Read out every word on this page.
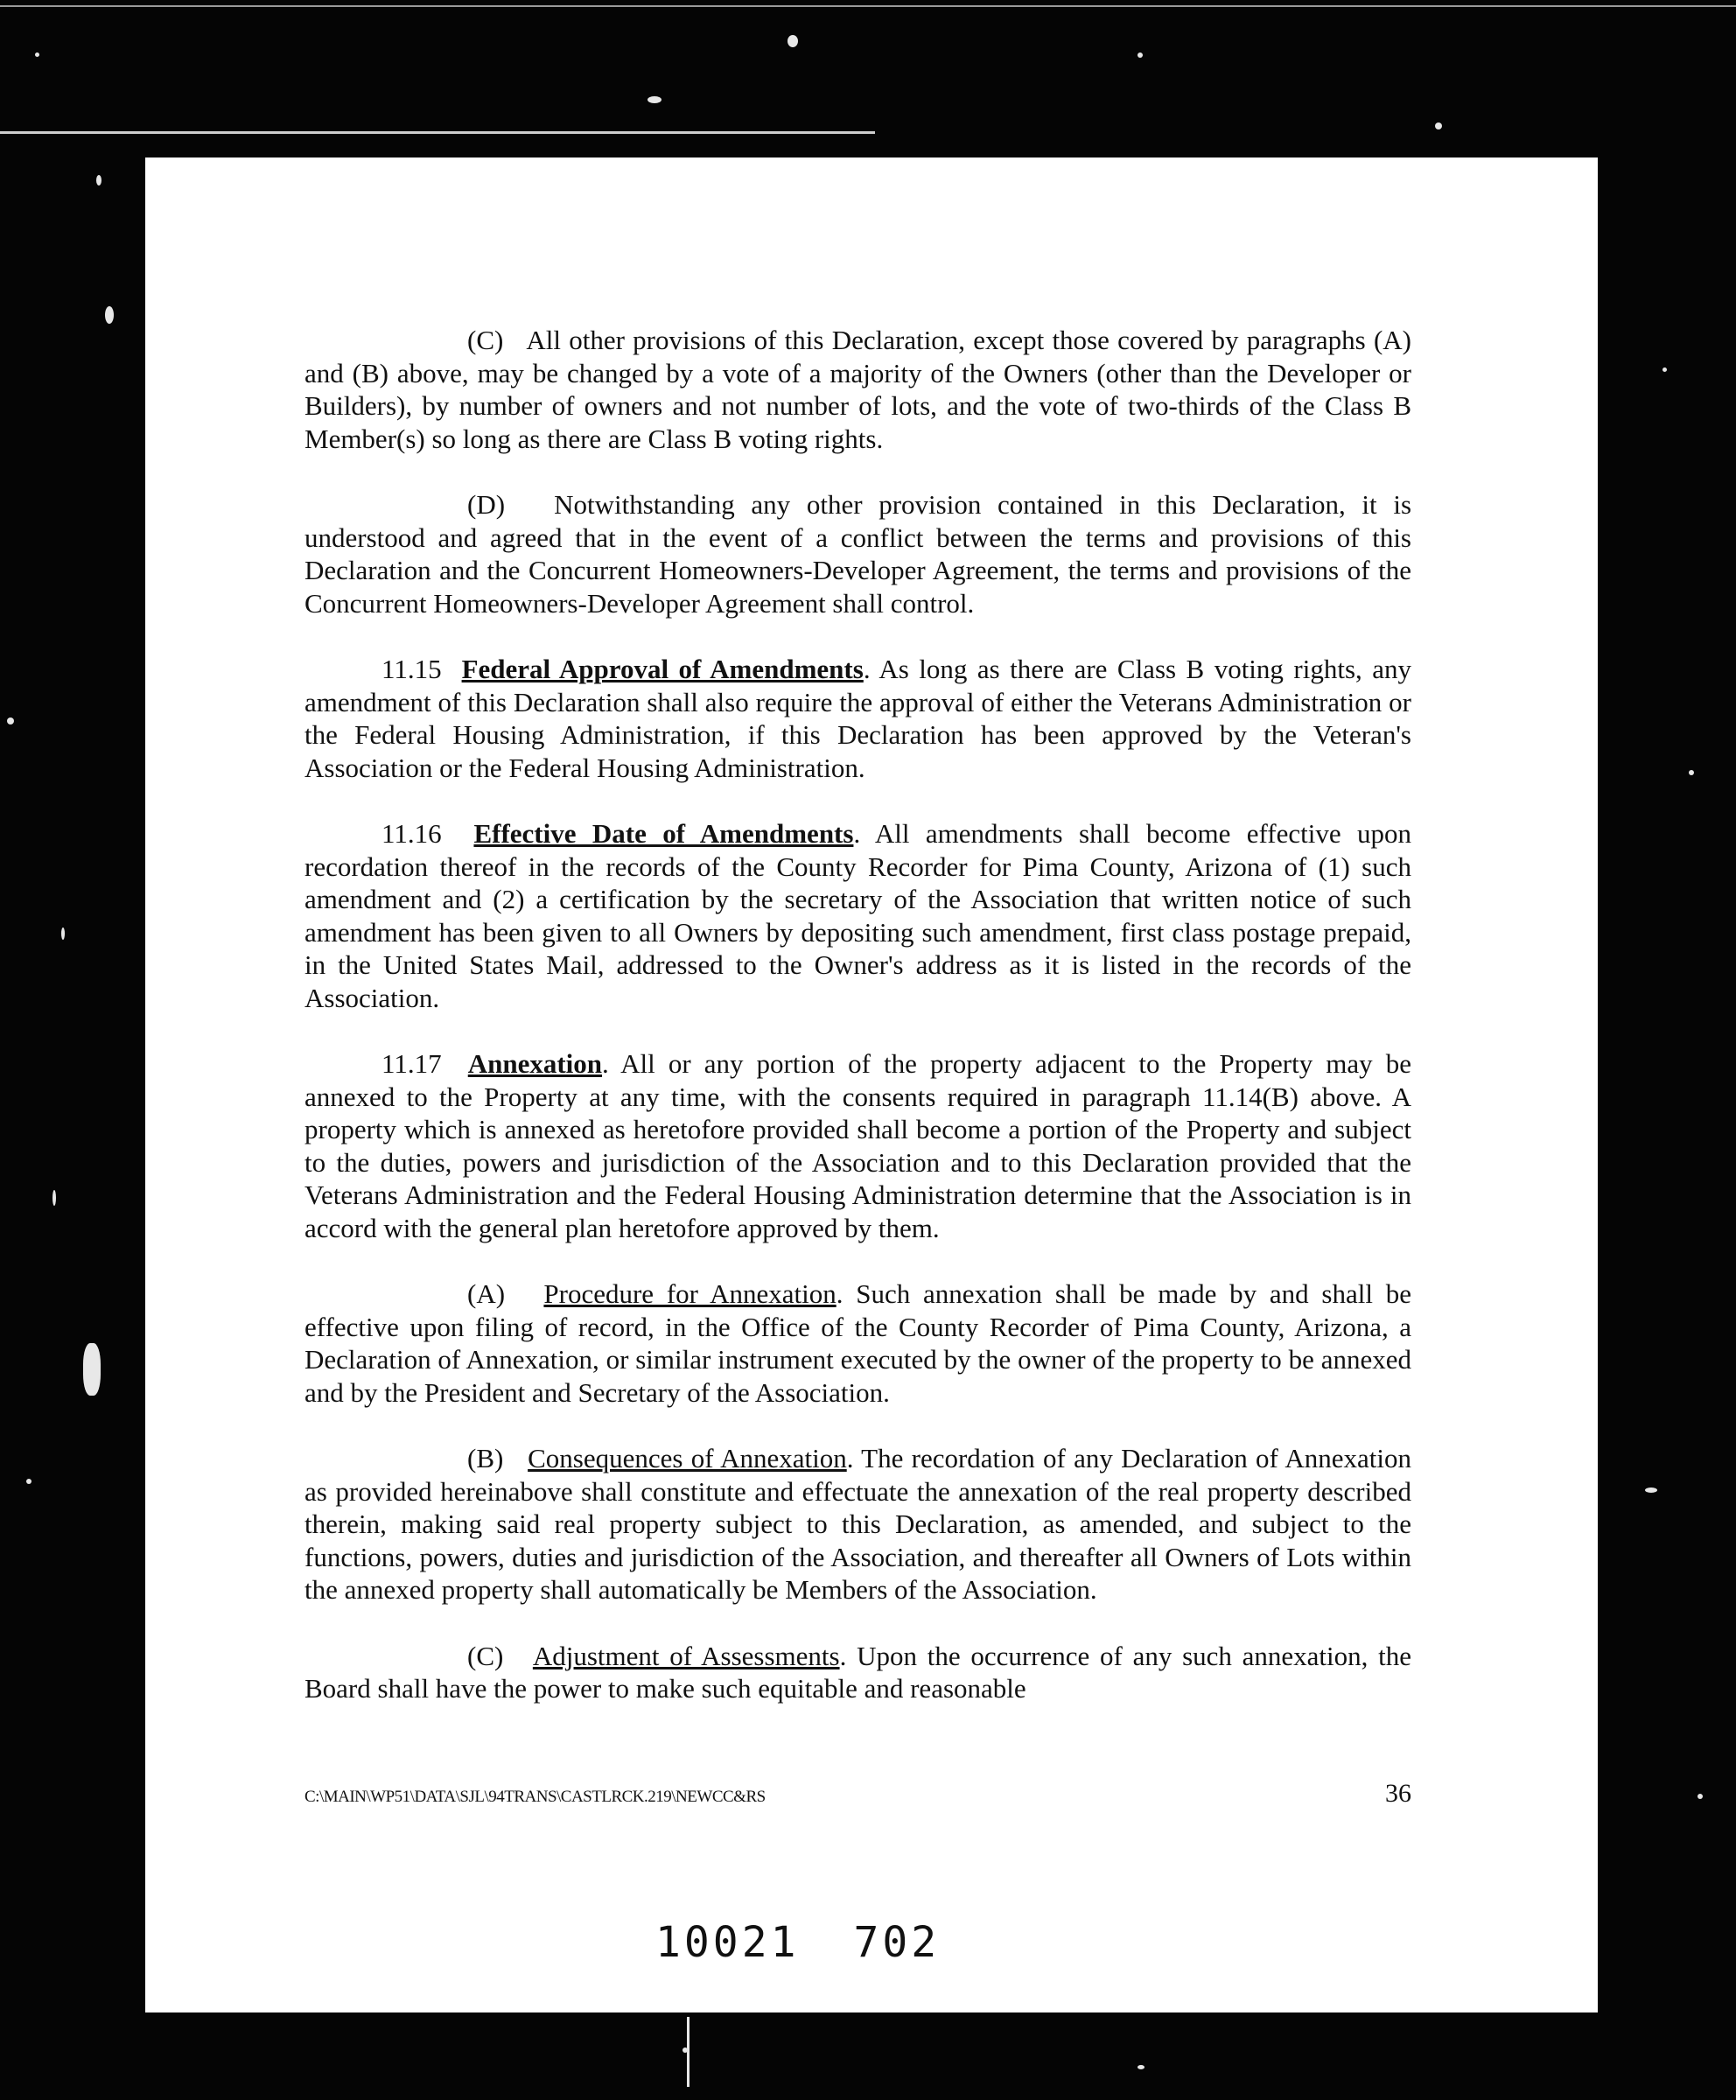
(C) All other provisions of this Declaration, except those covered by paragraphs (A) and (B) above, may be changed by a vote of a majority of the Owners (other than the Developer or Builders), by number of owners and not number of lots, and the vote of two-thirds of the Class B Member(s) so long as there are Class B voting rights.

(D) Notwithstanding any other provision contained in this Declaration, it is understood and agreed that in the event of a conflict between the terms and provisions of this Declaration and the Concurrent Homeowners-Developer Agreement, the terms and provisions of the Concurrent Homeowners-Developer Agreement shall control.

11.15 Federal Approval of Amendments. As long as there are Class B voting rights, any amendment of this Declaration shall also require the approval of either the Veterans Administration or the Federal Housing Administration, if this Declaration has been approved by the Veteran's Association or the Federal Housing Administration.

11.16 Effective Date of Amendments. All amendments shall become effective upon recordation thereof in the records of the County Recorder for Pima County, Arizona of (1) such amendment and (2) a certification by the secretary of the Association that written notice of such amendment has been given to all Owners by depositing such amendment, first class postage prepaid, in the United States Mail, addressed to the Owner's address as it is listed in the records of the Association.

11.17 Annexation. All or any portion of the property adjacent to the Property may be annexed to the Property at any time, with the consents required in paragraph 11.14(B) above. A property which is annexed as heretofore provided shall become a portion of the Property and subject to the duties, powers and jurisdiction of the Association and to this Declaration provided that the Veterans Administration and the Federal Housing Administration determine that the Association is in accord with the general plan heretofore approved by them.

(A) Procedure for Annexation. Such annexation shall be made by and shall be effective upon filing of record, in the Office of the County Recorder of Pima County, Arizona, a Declaration of Annexation, or similar instrument executed by the owner of the property to be annexed and by the President and Secretary of the Association.

(B) Consequences of Annexation. The recordation of any Declaration of Annexation as provided hereinabove shall constitute and effectuate the annexation of the real property described therein, making said real property subject to this Declaration, as amended, and subject to the functions, powers, duties and jurisdiction of the Association, and thereafter all Owners of Lots within the annexed property shall automatically be Members of the Association.

(C) Adjustment of Assessments. Upon the occurrence of any such annexation, the Board shall have the power to make such equitable and reasonable

C:\MAIN\WP51\DATA\SJL\94TRANS\CASTLRCK.219\NEWCC&RS	36
10021 702
